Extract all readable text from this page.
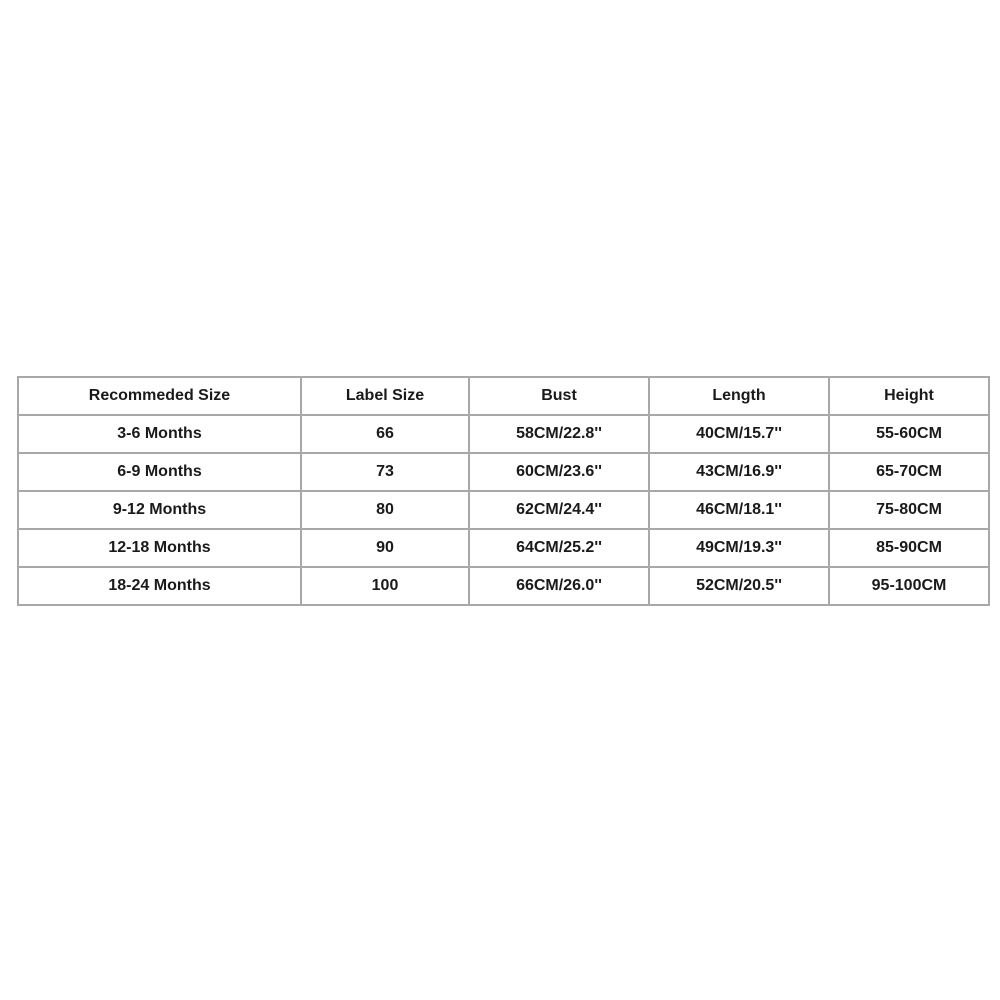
Recommeded Size	Label Size	Bust	Length	Height
3-6 Months	66	58CM/22.8''	40CM/15.7''	55-60CM
6-9 Months	73	60CM/23.6''	43CM/16.9''	65-70CM
9-12 Months	80	62CM/24.4''	46CM/18.1''	75-80CM
12-18 Months	90	64CM/25.2''	49CM/19.3''	85-90CM
18-24 Months	100	66CM/26.0''	52CM/20.5''	95-100CM
